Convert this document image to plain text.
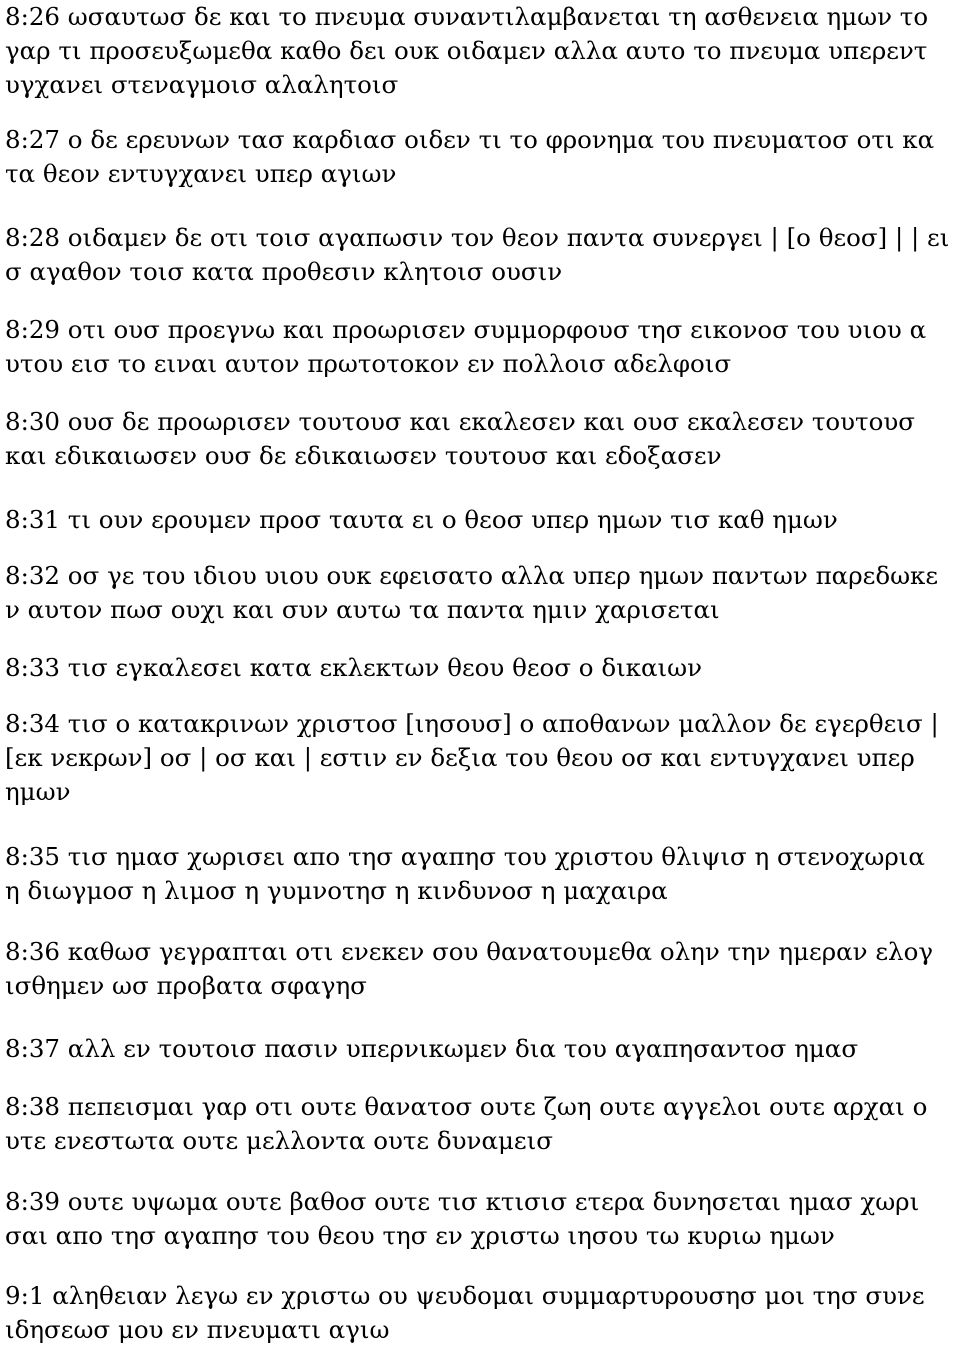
8:26 ωσαυτωσ δε και το πνευμα συναντιλαμβανεται τη ασθενεια ημων το
γαρ τι προσευξωμεθα καθο δει ουκ οιδαμεν αλλα αυτο το πνευμα υπερεντ
υγχανει στεναγμοισ αλαλητοισ
8:27 ο δε ερευνων τασ καρδιασ οιδεν τι το φρονημα του πνευματοσ οτι κα
τα θεον εντυγχανει υπερ αγιων
8:28 οιδαμεν δε οτι τοισ αγαπωσιν τον θεον παντα συνεργει | [ο θεοσ] | | ει
σ αγαθον τοισ κατα προθεσιν κλητοισ ουσιν
8:29 οτι ουσ προεγνω και προωρισεν συμμορφουσ τησ εικονοσ του υιου α
υτου εισ το ειναι αυτον πρωτοτοκον εν πολλοισ αδελφοισ
8:30 ουσ δε προωρισεν τουτουσ και εκαλεσεν και ουσ εκαλεσεν τουτουσ
και εδικαιωσεν ουσ δε εδικαιωσεν τουτουσ και εδοξασεν
8:31 τι ουν ερουμεν προσ ταυτα ει ο θεοσ υπερ ημων τισ καθ ημων
8:32 οσ γε του ιδιου υιου ουκ εφεισατο αλλα υπερ ημων παντων παρεδωκε
ν αυτον πωσ ουχι και συν αυτω τα παντα ημιν χαρισεται
8:33 τισ εγκαλεσει κατα εκλεκτων θεου θεοσ ο δικαιων
8:34 τισ ο κατακρινων χριστοσ [ιησουσ] ο αποθανων μαλλον δε εγερθεισ |
[εκ νεκρων] οσ | οσ και | εστιν εν δεξια του θεου οσ και εντυγχανει υπερ
ημων
8:35 τισ ημασ χωρισει απο τησ αγαπησ του χριστου θλιψισ η στενοχωρια
η διωγμοσ η λιμοσ η γυμνοτησ η κινδυνοσ η μαχαιρα
8:36 καθωσ γεγραπται οτι ενεκεν σου θανατουμεθα ολην την ημεραν ελογ
ισθημεν ωσ προβατα σφαγησ
8:37 αλλ εν τουτοισ πασιν υπερνικωμεν δια του αγαπησαντοσ ημασ
8:38 πεπεισμαι γαρ οτι ουτε θανατοσ ουτε ζωη ουτε αγγελοι ουτε αρχαι ο
υτε ενεστωτα ουτε μελλοντα ουτε δυναμεισ
8:39 ουτε υψωμα ουτε βαθοσ ουτε τισ κτισισ ετερα δυνησεται ημασ χωρι
σαι απο τησ αγαπησ του θεου τησ εν χριστω ιησου τω κυριω ημων
9:1 αληθειαν λεγω εν χριστω ου ψευδομαι συμμαρτυρουσησ μοι τησ συνε
ιδησεωσ μου εν πνευματι αγιω
